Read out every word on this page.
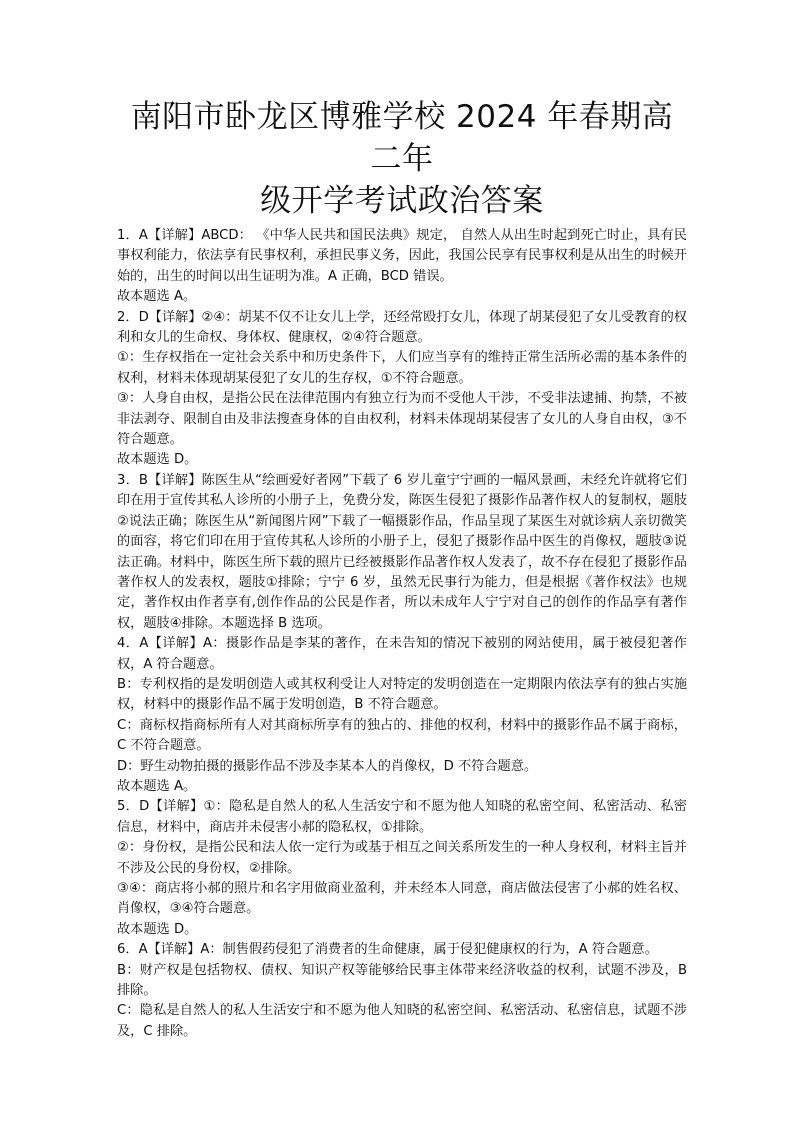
南阳市卧龙区博雅学校 2024 年春期高二年
级开学考试政治答案

1．A【详解】ABCD： 《中华人民共和国民法典》规定， 自然人从出生时起到死亡时止，具有民事权利能力，依法享有民事权利，承担民事义务，因此，我国公民享有民事权利是从出生的时候开始的，出生的时间以出生证明为准。A 正确，BCD 错误。

故本题选 A。

2．D【详解】②④：胡某不仅不让女儿上学，还经常殴打女儿，体现了胡某侵犯了女儿受教育的权利和女儿的生命权、身体权、健康权，②④符合题意。

①：生存权指在一定社会关系中和历史条件下，人们应当享有的维持正常生活所必需的基本条件的权利，材料未体现胡某侵犯了女儿的生存权，①不符合题意。

③：人身自由权，是指公民在法律范围内有独立行为而不受他人干涉，不受非法逮捕、拘禁，不被非法剥夺、限制自由及非法搜查身体的自由权利，材料未体现胡某侵害了女儿的人身自由权，③不符合题意。

故本题选 D。

3．B【详解】陈医生从“绘画爱好者网”下载了 6 岁儿童宁宁画的一幅风景画，未经允许就将它们印在用于宣传其私人诊所的小册子上，免费分发，陈医生侵犯了摄影作品著作权人的复制权，题肢②说法正确；陈医生从“新闻图片网”下载了一幅摄影作品，作品呈现了某医生对就诊病人亲切微笑的面容，将它们印在用于宣传其私人诊所的小册子上，侵犯了摄影作品中医生的肖像权，题肢③说法正确。材料中，陈医生所下载的照片已经被摄影作品著作权人发表了，故不存在侵犯了摄影作品著作权人的发表权，题肢①排除；宁宁 6 岁，虽然无民事行为能力，但是根据《著作权法》也规定，著作权由作者享有,创作作品的公民是作者，所以未成年人宁宁对自己的创作的作品享有著作权，题肢④排除。本题选择 B 选项。

4．A【详解】A：摄影作品是李某的著作，在未告知的情况下被别的网站使用，属于被侵犯著作权，A 符合题意。

B：专利权指的是发明创造人或其权利受让人对特定的发明创造在一定期限内依法享有的独占实施权，材料中的摄影作品不属于发明创造，B 不符合题意。

C：商标权指商标所有人对其商标所享有的独占的、排他的权利，材料中的摄影作品不属于商标，C 不符合题意。

D：野生动物拍摄的摄影作品不涉及李某本人的肖像权，D 不符合题意。

故本题选 A。

5．D【详解】①：隐私是自然人的私人生活安宁和不愿为他人知晓的私密空间、私密活动、私密信息，材料中，商店并未侵害小郝的隐私权，①排除。

②：身份权，是指公民和法人依一定行为或基于相互之间关系所发生的一种人身权利，材料主旨并不涉及公民的身份权，②排除。

③④：商店将小郝的照片和名字用做商业盈利，并未经本人同意，商店做法侵害了小郝的姓名权、肖像权，③④符合题意。

故本题选 D。

6．A【详解】A：制售假药侵犯了消费者的生命健康，属于侵犯健康权的行为，A 符合题意。

B：财产权是包括物权、债权、知识产权等能够给民事主体带来经济收益的权利，试题不涉及，B 排除。

C：隐私是自然人的私人生活安宁和不愿为他人知晓的私密空间、私密活动、私密信息，试题不涉及，C 排除。
